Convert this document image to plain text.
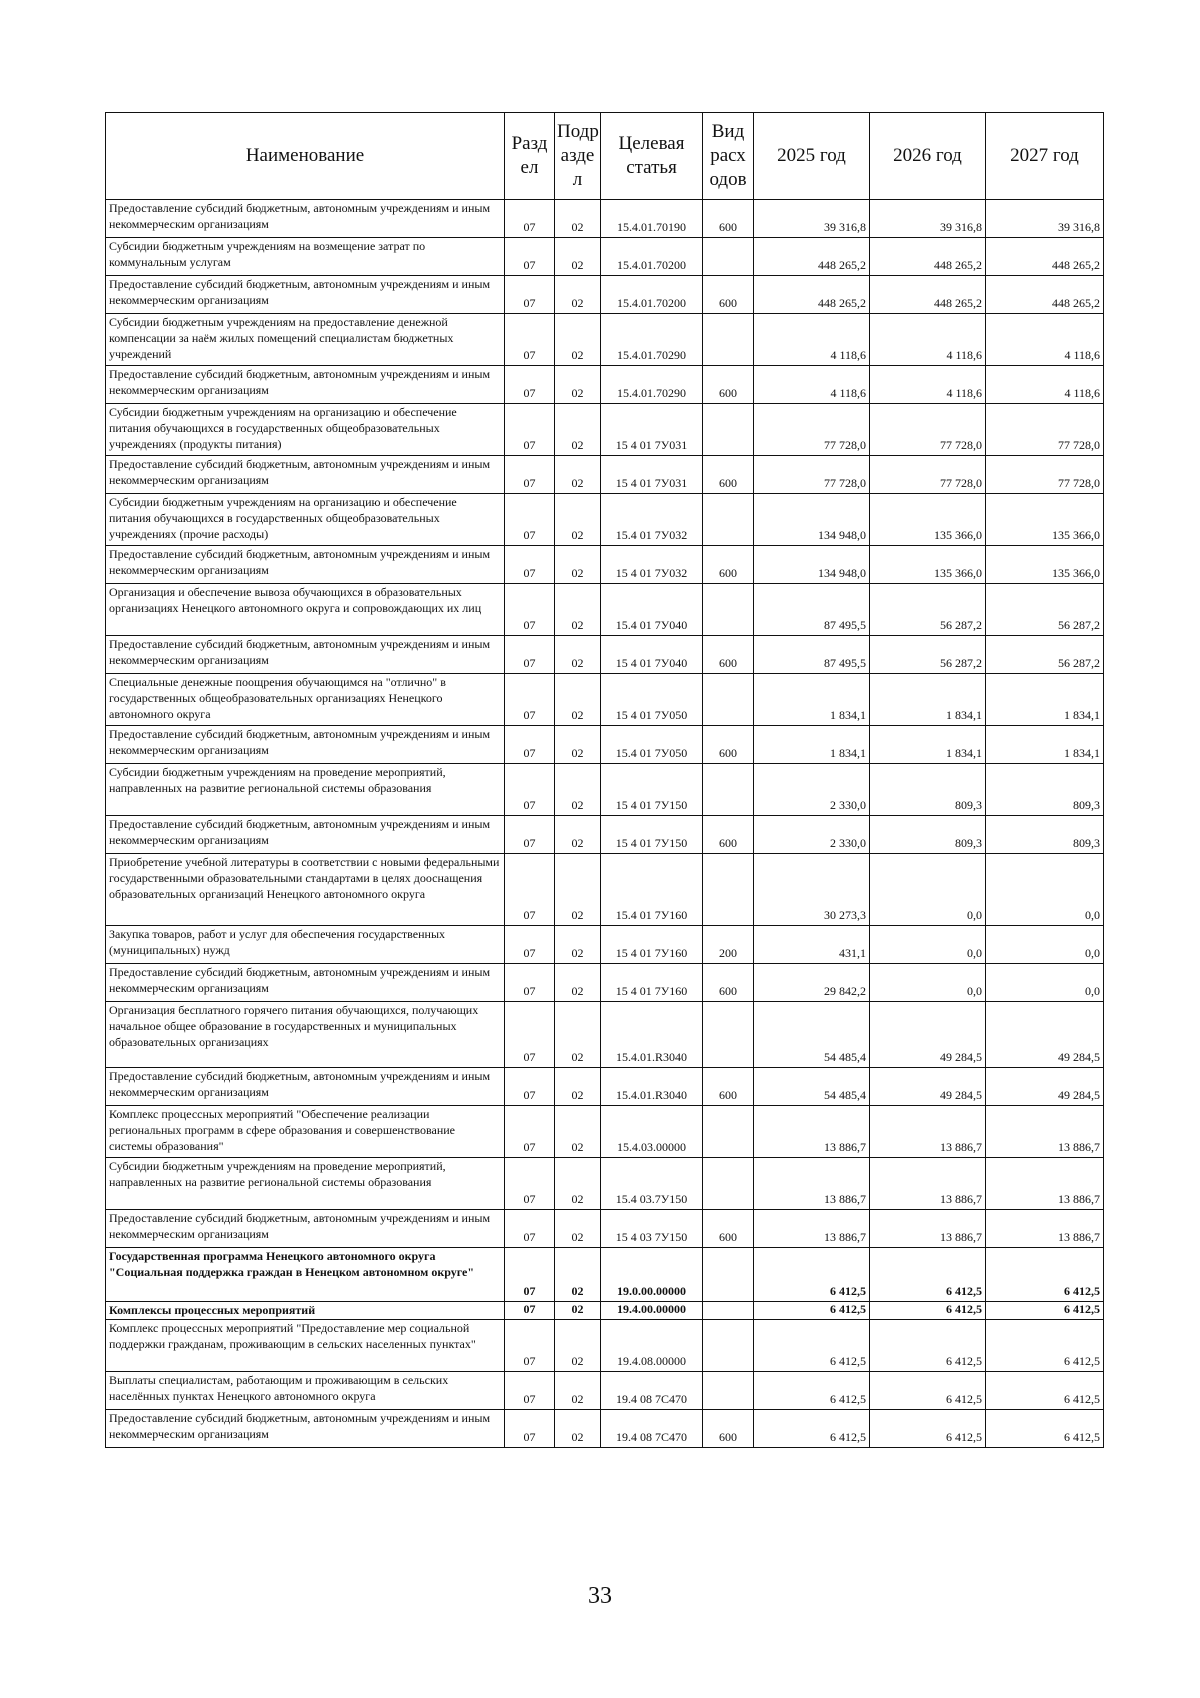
Наименование	Разд ел	Подр азде л	Целевая статья	Вид расх одов	2025 год	2026 год	2027 год
Предоставление субсидий бюджетным, автономным учреждениям и иным некоммерческим организациям	07	02	15.4.01.70190	600	39 316,8	39 316,8	39 316,8
Субсидии бюджетным учреждениям на возмещение затрат по коммунальным услугам	07	02	15.4.01.70200		448 265,2	448 265,2	448 265,2
Предоставление субсидий бюджетным, автономным учреждениям и иным некоммерческим организациям	07	02	15.4.01.70200	600	448 265,2	448 265,2	448 265,2
Субсидии бюджетным учреждениям на предоставление денежной компенсации за наём жилых помещений специалистам бюджетных учреждений	07	02	15.4.01.70290		4 118,6	4 118,6	4 118,6
Предоставление субсидий бюджетным, автономным учреждениям и иным некоммерческим организациям	07	02	15.4.01.70290	600	4 118,6	4 118,6	4 118,6
Субсидии бюджетным учреждениям на организацию и обеспечение питания обучающихся в государственных общеобразовательных учреждениях (продукты питания)	07	02	15 4 01 7У031		77 728,0	77 728,0	77 728,0
Предоставление субсидий бюджетным, автономным учреждениям и иным некоммерческим организациям	07	02	15 4 01 7У031	600	77 728,0	77 728,0	77 728,0
Субсидии бюджетным учреждениям на организацию и обеспечение питания обучающихся в государственных общеобразовательных учреждениях (прочие расходы)	07	02	15.4 01 7У032		134 948,0	135 366,0	135 366,0
Предоставление субсидий бюджетным, автономным учреждениям и иным некоммерческим организациям	07	02	15 4 01 7У032	600	134 948,0	135 366,0	135 366,0
Организация и обеспечение вывоза обучающихся в образовательных организациях Ненецкого автономного округа и сопровождающих их лиц	07	02	15.4 01 7У040		87 495,5	56 287,2	56 287,2
Предоставление субсидий бюджетным, автономным учреждениям и иным некоммерческим организациям	07	02	15 4 01 7У040	600	87 495,5	56 287,2	56 287,2
Специальные денежные поощрения обучающимся на "отлично" в государственных общеобразовательных организациях Ненецкого автономного округа	07	02	15 4 01 7У050		1 834,1	1 834,1	1 834,1
Предоставление субсидий бюджетным, автономным учреждениям и иным некоммерческим организациям	07	02	15.4 01 7У050	600	1 834,1	1 834,1	1 834,1
Субсидии бюджетным учреждениям на проведение мероприятий, направленных на развитие региональной системы образования	07	02	15 4 01 7У150		2 330,0	809,3	809,3
Предоставление субсидий бюджетным, автономным учреждениям и иным некоммерческим организациям	07	02	15 4 01 7У150	600	2 330,0	809,3	809,3
Приобретение учебной литературы в соответствии с новыми федеральными государственными образовательными стандартами в целях дооснащения образовательных организаций Ненецкого автономного округа	07	02	15.4 01 7У160		30 273,3	0,0	0,0
Закупка товаров, работ и услуг для обеспечения государственных (муниципальных) нужд	07	02	15 4 01 7У160	200	431,1	0,0	0,0
Предоставление субсидий бюджетным, автономным учреждениям и иным некоммерческим организациям	07	02	15 4 01 7У160	600	29 842,2	0,0	0,0
Организация бесплатного горячего питания обучающихся, получающих начальное общее образование в государственных и муниципальных образовательных организациях	07	02	15.4.01.R3040		54 485,4	49 284,5	49 284,5
Предоставление субсидий бюджетным, автономным учреждениям и иным некоммерческим организациям	07	02	15.4.01.R3040	600	54 485,4	49 284,5	49 284,5
Комплекс процессных мероприятий "Обеспечение реализации региональных программ в сфере образования и совершенствование системы образования"	07	02	15.4.03.00000		13 886,7	13 886,7	13 886,7
Субсидии бюджетным учреждениям на проведение мероприятий, направленных на развитие региональной системы образования	07	02	15.4 03.7У150		13 886,7	13 886,7	13 886,7
Предоставление субсидий бюджетным, автономным учреждениям и иным некоммерческим организациям	07	02	15 4 03 7У150	600	13 886,7	13 886,7	13 886,7
Государственная программа Ненецкого автономного округа "Социальная поддержка граждан в Ненецком автономном округе"	07	02	19.0.00.00000		6 412,5	6 412,5	6 412,5
Комплексы процессных мероприятий	07	02	19.4.00.00000		6 412,5	6 412,5	6 412,5
Комплекс процессных мероприятий "Предоставление мер социальной поддержки гражданам, проживающим в сельских населенных пунктах"	07	02	19.4.08.00000		6 412,5	6 412,5	6 412,5
Выплаты специалистам, работающим и проживающим в сельских населённых пунктах Ненецкого автономного округа	07	02	19.4 08 7С470		6 412,5	6 412,5	6 412,5
Предоставление субсидий бюджетным, автономным учреждениям и иным некоммерческим организациям	07	02	19.4 08 7С470	600	6 412,5	6 412,5	6 412,5
33
